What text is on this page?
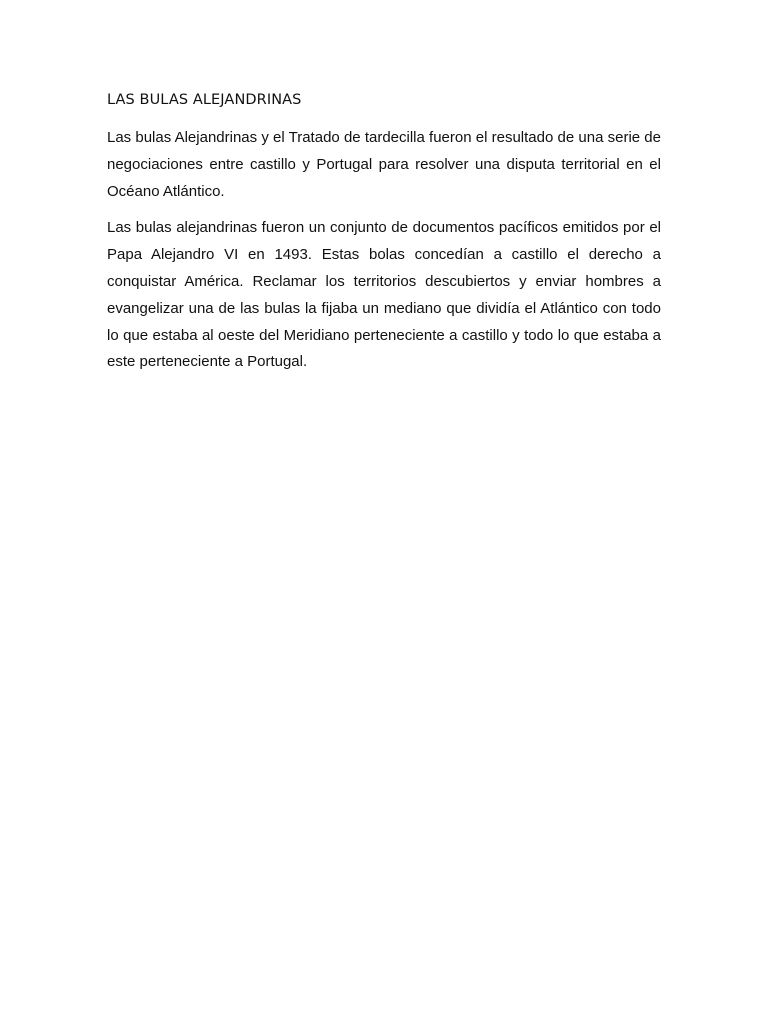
LAS BULAS ALEJANDRINAS

Las bulas Alejandrinas y el Tratado de tardecilla fueron el resultado de una serie de negociaciones entre castillo y Portugal para resolver una disputa territorial en el Océano Atlántico.

Las bulas alejandrinas fueron un conjunto de documentos pacíficos emitidos por el Papa Alejandro VI en 1493. Estas bolas concedían a castillo el derecho a conquistar América. Reclamar los territorios descubiertos y enviar hombres a evangelizar una de las bulas la fijaba un mediano que dividía el Atlántico con todo lo que estaba al oeste del Meridiano perteneciente a castillo y todo lo que estaba a este perteneciente a Portugal.
